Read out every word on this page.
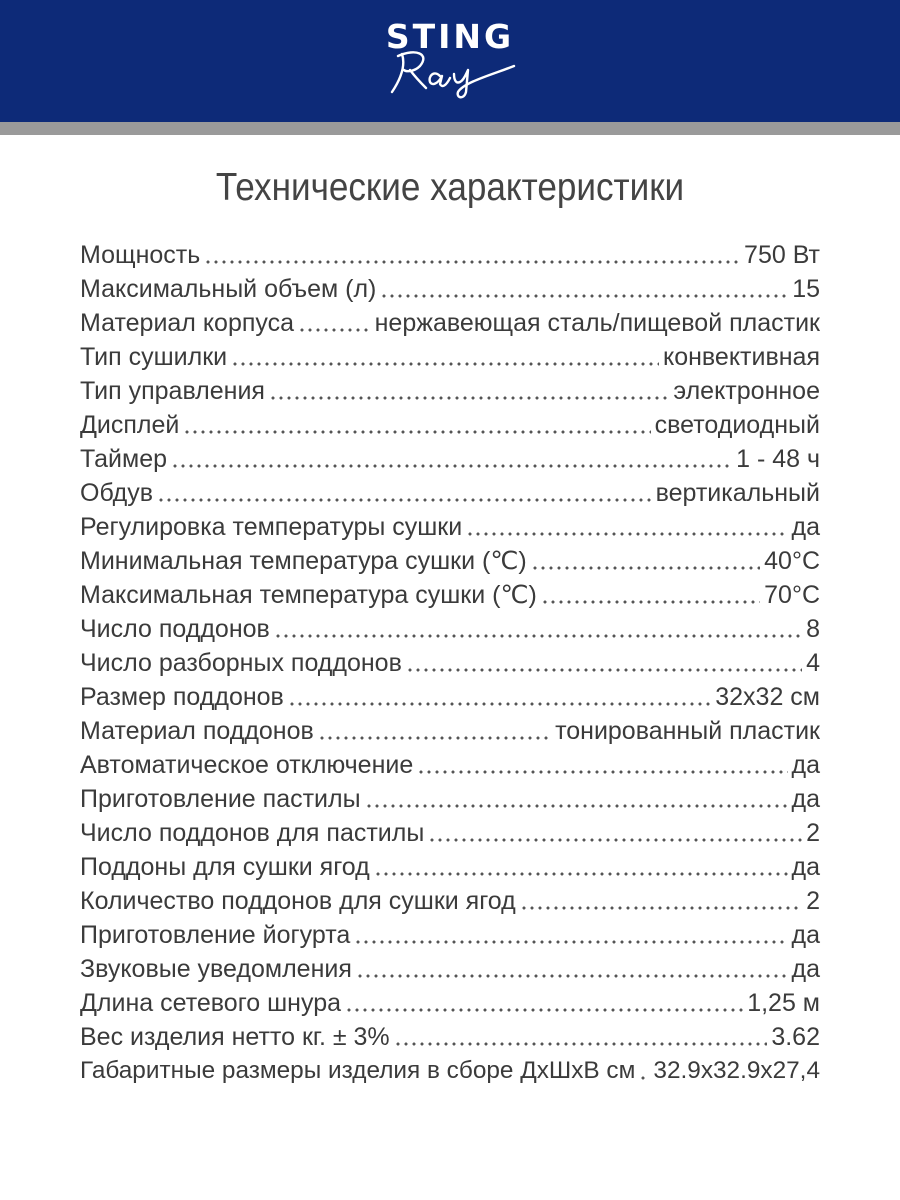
STING
Технические характеристики
Мощность	750 Вт
Максимальный объем (л)	15
Материал корпуса	нержавеющая сталь/пищевой пластик
Тип сушилки	конвективная
Тип управления	электронное
Дисплей	светодиодный
Таймер	1 - 48 ч
Обдув	вертикальный
Регулировка температуры сушки	да
Минимальная температура сушки (℃)	40°С
Максимальная температура сушки (℃)	70°С
Число поддонов	8
Число разборных поддонов	4
Размер поддонов	32х32 см
Материал поддонов	тонированный пластик
Автоматическое отключение	да
Приготовление пастилы	да
Число поддонов для пастилы	2
Поддоны для сушки ягод	да
Количество поддонов для сушки ягод	2
Приготовление йогурта	да
Звуковые уведомления	да
Длина сетевого шнура	1,25 м
Вес изделия нетто кг. ± 3%	3.62
Габаритные размеры изделия в сборе ДхШхВ см 32.9х32.9х27,4
